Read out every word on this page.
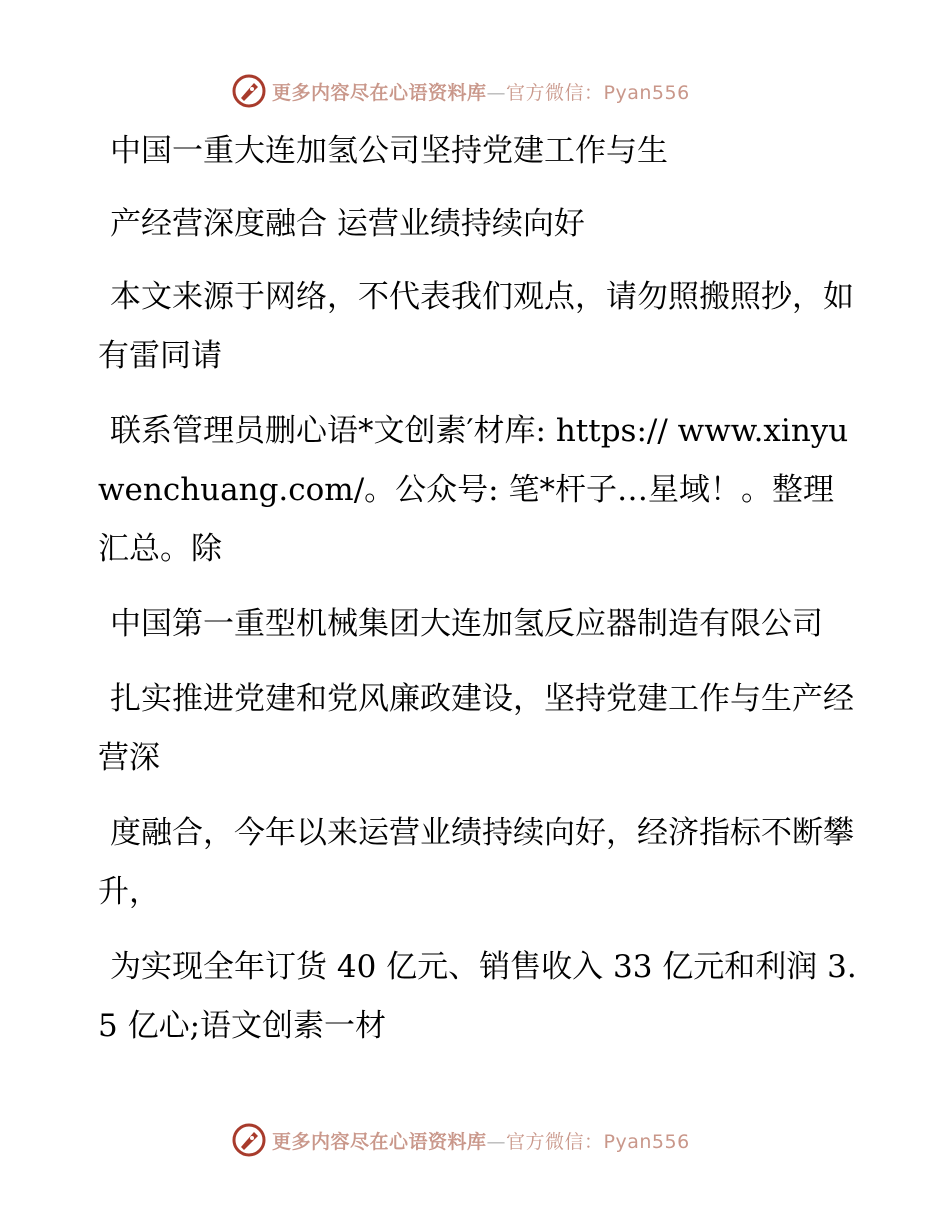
更多内容尽在心语资料库—官方微信：Pyan556

中国一重大连加氢公司坚持党建工作与生

产经营深度融合 运营业绩持续向好

本文来源于网络，不代表我们观点，请勿照搬照抄，如有雷同请

联系管理员删心语*文创素′材库: https:// www.xinyuwenchuang.com/。公众号: 笔*杆子…星域！。整理汇总。除

中国第一重型机械集团大连加氢反应器制造有限公司

扎实推进党建和党风廉政建设，坚持党建工作与生产经营深

度融合，今年以来运营业绩持续向好，经济指标不断攀升，

为实现全年订货 40 亿元、销售收入 33 亿元和利润 3.5 亿心;语文创素一材

更多内容尽在心语资料库—官方微信：Pyan556
